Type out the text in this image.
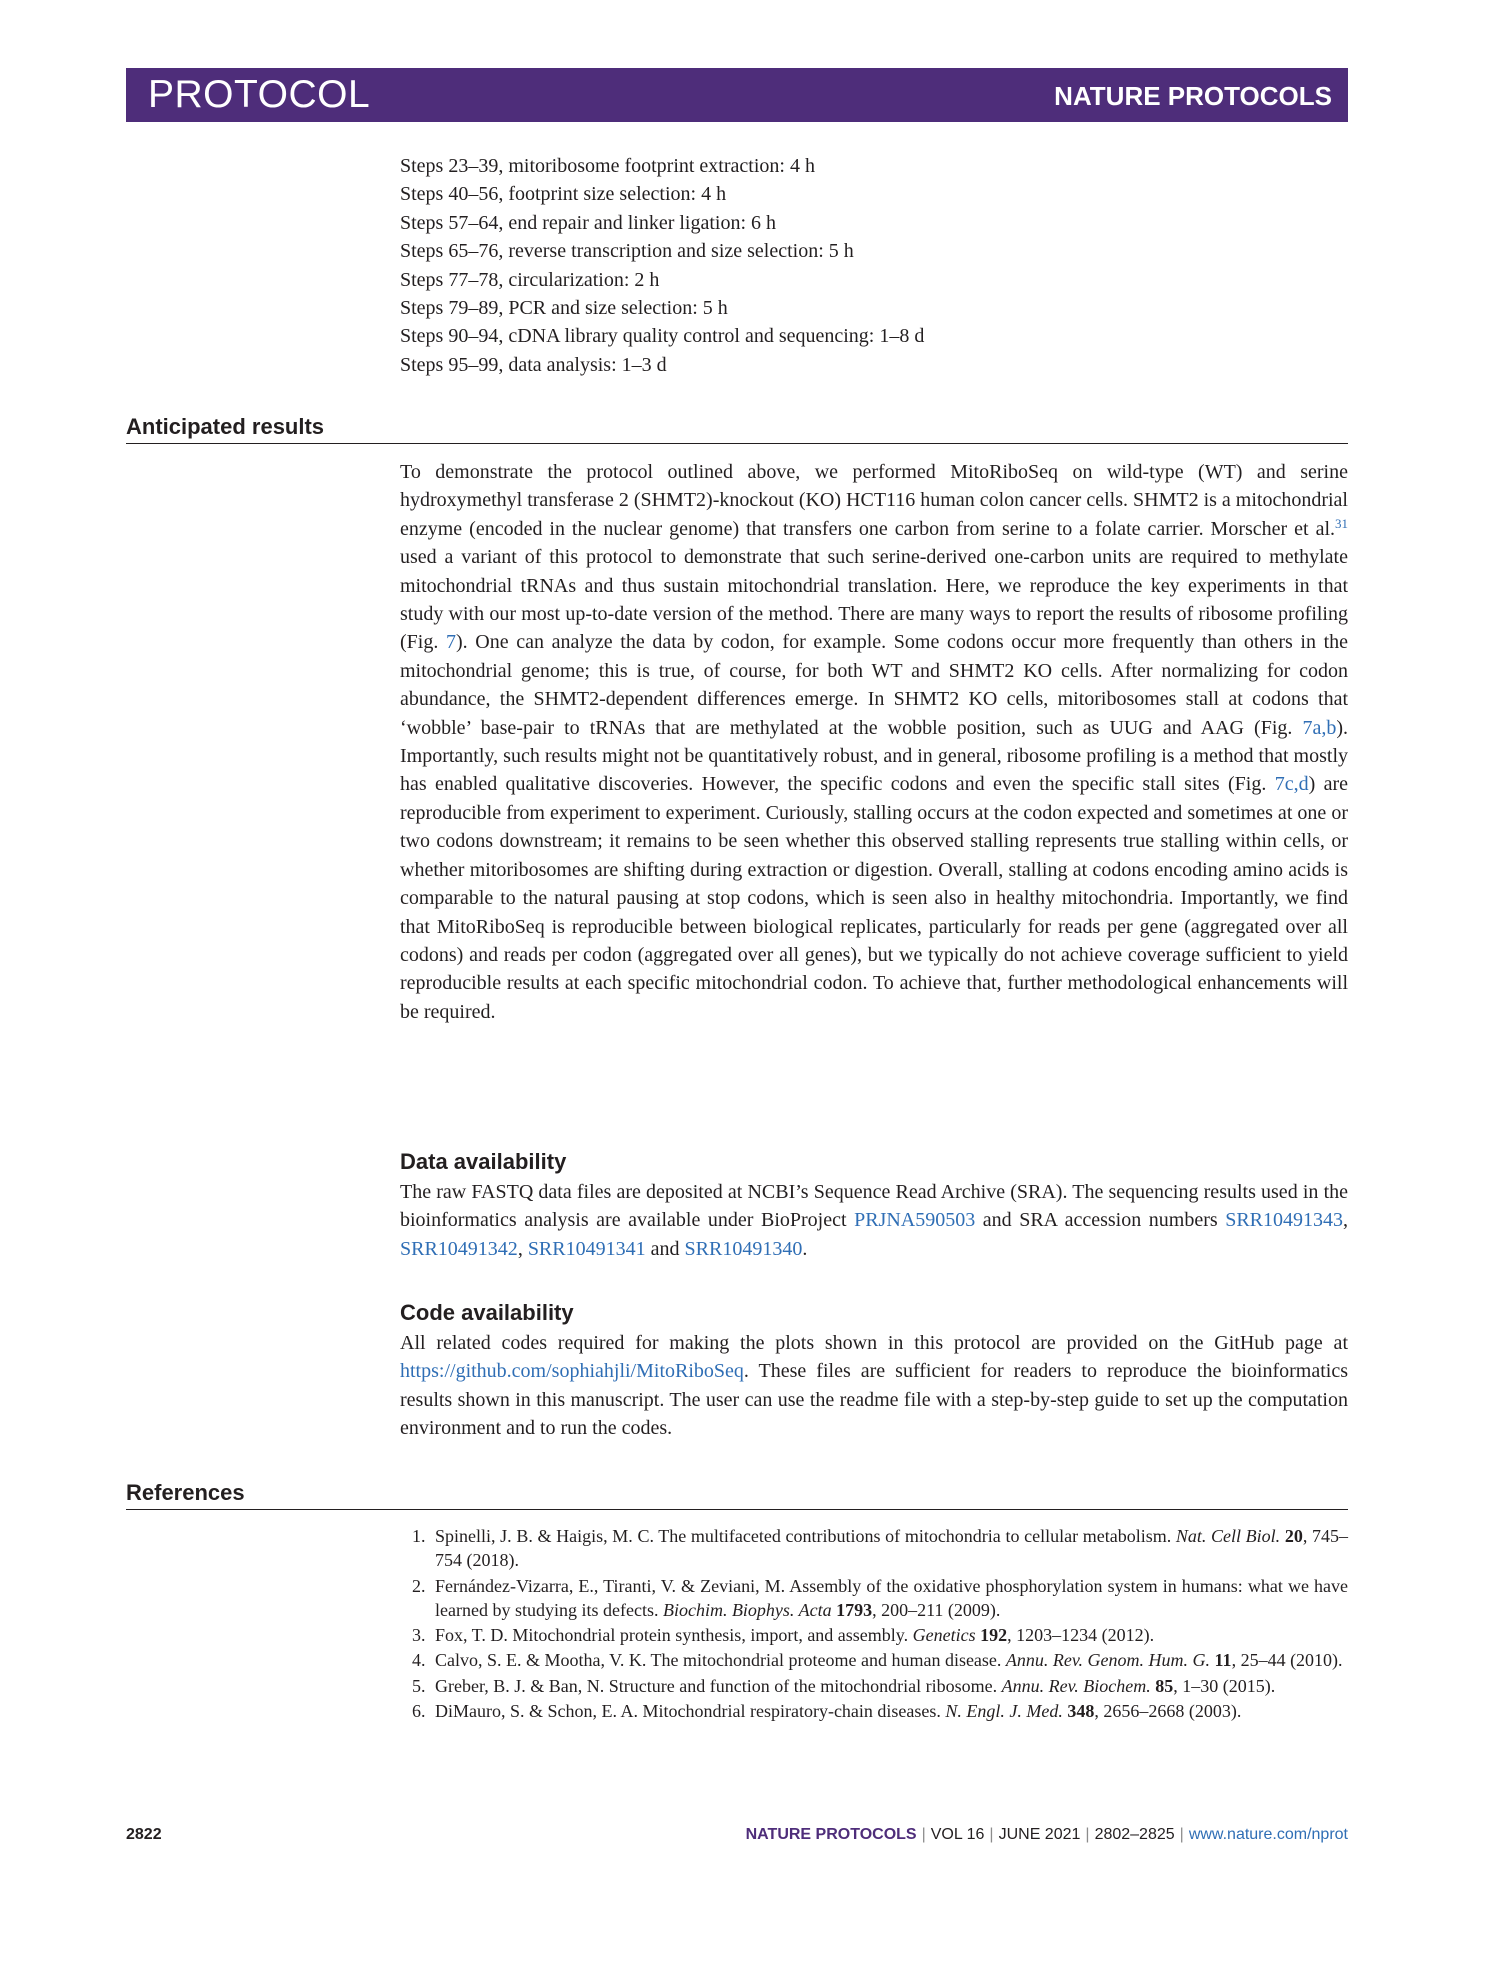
PROTOCOL	NATURE PROTOCOLS
Steps 23–39, mitoribosome footprint extraction: 4 h
Steps 40–56, footprint size selection: 4 h
Steps 57–64, end repair and linker ligation: 6 h
Steps 65–76, reverse transcription and size selection: 5 h
Steps 77–78, circularization: 2 h
Steps 79–89, PCR and size selection: 5 h
Steps 90–94, cDNA library quality control and sequencing: 1–8 d
Steps 95–99, data analysis: 1–3 d
Anticipated results

To demonstrate the protocol outlined above, we performed MitoRiboSeq on wild-type (WT) and serine hydroxymethyl transferase 2 (SHMT2)-knockout (KO) HCT116 human colon cancer cells. SHMT2 is a mitochondrial enzyme (encoded in the nuclear genome) that transfers one carbon from serine to a folate carrier. Morscher et al.$^{31}$ used a variant of this protocol to demonstrate that such serine-derived one-carbon units are required to methylate mitochondrial tRNAs and thus sustain mitochondrial translation. Here, we reproduce the key experiments in that study with our most up-to-date version of the method. There are many ways to report the results of ribosome profiling (Fig. 7). One can analyze the data by codon, for example. Some codons occur more frequently than others in the mitochondrial genome; this is true, of course, for both WT and SHMT2 KO cells. After normalizing for codon abundance, the SHMT2-dependent differences emerge. In SHMT2 KO cells, mitoribosomes stall at codons that ‘wobble’ base-pair to tRNAs that are methylated at the wobble position, such as UUG and AAG (Fig. 7a,b). Importantly, such results might not be quantitatively robust, and in general, ribosome profiling is a method that mostly has enabled qualitative discoveries. However, the specific codons and even the specific stall sites (Fig. 7c,d) are reproducible from experiment to experiment. Curiously, stalling occurs at the codon expected and sometimes at one or two codons downstream; it remains to be seen whether this observed stalling represents true stalling within cells, or whether mitoribosomes are shifting during extraction or digestion. Overall, stalling at codons encoding amino acids is comparable to the natural pausing at stop codons, which is seen also in healthy mitochondria. Importantly, we find that MitoRiboSeq is reproducible between biological replicates, particularly for reads per gene (aggregated over all codons) and reads per codon (aggregated over all genes), but we typically do not achieve coverage sufficient to yield reproducible results at each specific mitochondrial codon. To achieve that, further methodological enhancements will be required.

Data availability

The raw FASTQ data files are deposited at NCBI’s Sequence Read Archive (SRA). The sequencing results used in the bioinformatics analysis are available under BioProject PRJNA590503 and SRA accession numbers SRR10491343, SRR10491342, SRR10491341 and SRR10491340.

Code availability

All related codes required for making the plots shown in this protocol are provided on the GitHub page at https://github.com/sophiahjli/MitoRiboSeq. These files are sufficient for readers to reproduce the bioinformatics results shown in this manuscript. The user can use the readme file with a step-by-step guide to set up the computation environment and to run the codes.

References
1. Spinelli, J. B. & Haigis, M. C. The multifaceted contributions of mitochondria to cellular metabolism. Nat. Cell Biol. 20, 745–754 (2018).
2. Fernández-Vizarra, E., Tiranti, V. & Zeviani, M. Assembly of the oxidative phosphorylation system in humans: what we have learned by studying its defects. Biochim. Biophys. Acta 1793, 200–211 (2009).
3. Fox, T. D. Mitochondrial protein synthesis, import, and assembly. Genetics 192, 1203–1234 (2012).
4. Calvo, S. E. & Mootha, V. K. The mitochondrial proteome and human disease. Annu. Rev. Genom. Hum. G. 11, 25–44 (2010).
5. Greber, B. J. & Ban, N. Structure and function of the mitochondrial ribosome. Annu. Rev. Biochem. 85, 1–30 (2015).
6. DiMauro, S. & Schon, E. A. Mitochondrial respiratory-chain diseases. N. Engl. J. Med. 348, 2656–2668 (2003).
2822	NATURE PROTOCOLS | VOL 16 | JUNE 2021 | 2802–2825 | www.nature.com/nprot
